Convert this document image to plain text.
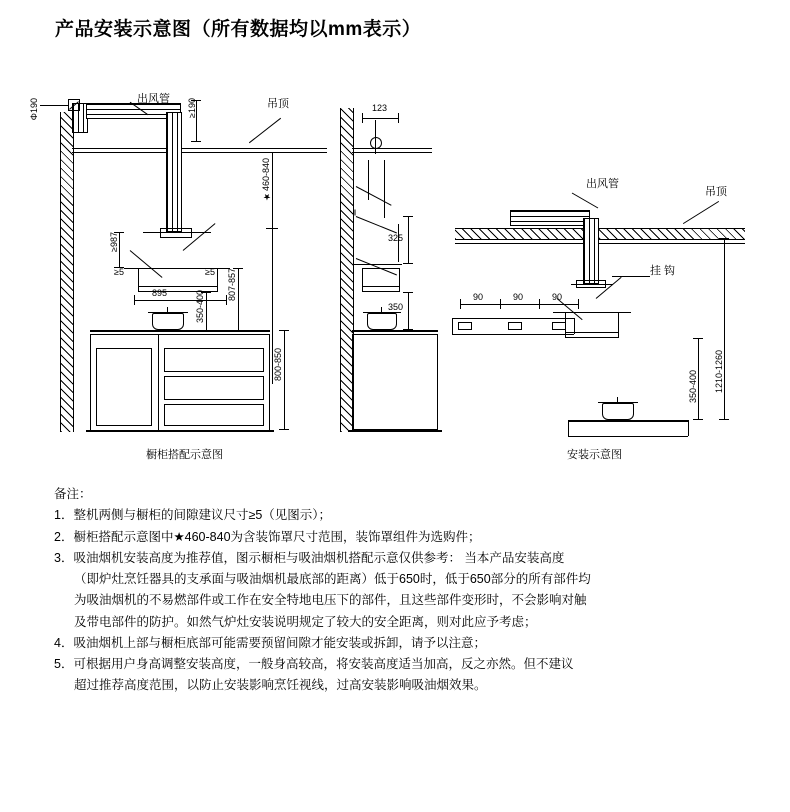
产品安装示意图（所有数据均以mm表示）
Φ190	≥190
出风管	吊顶
≥987
≥5	≥5
895
★460-840
350-400
807-857
800-850
橱柜搭配示意图
123
325
350
出风管
吊顶
挂 钩
90	90	90
350-400 1210-1260
安装示意图
备注：
1．整机两侧与橱柜的间隙建议尺寸≥5（见图示）；
2．橱柜搭配示意图中★460-840为含装饰罩尺寸范围，装饰罩组件为选购件；
3．吸油烟机安装高度为推荐值，图示橱柜与吸油烟机搭配示意仅供参考： 当本产品安装高度
（即炉灶烹饪器具的支承面与吸油烟机最底部的距离）低于650时，低于650部分的所有部件均
为吸油烟机的不易燃部件或工作在安全特地电压下的部件，且这些部件变形时，不会影响对触
及带电部件的防护。如然气炉灶安装说明规定了较大的安全距离，则对此应予考虑；
4．吸油烟机上部与橱柜底部可能需要预留间隙才能安装或拆卸，请予以注意；
5．可根据用户身高调整安装高度，一般身高较高，将安装高度适当加高，反之亦然。但不建议
超过推荐高度范围，以防止安装影响烹饪视线，过高安装影响吸油烟效果。
